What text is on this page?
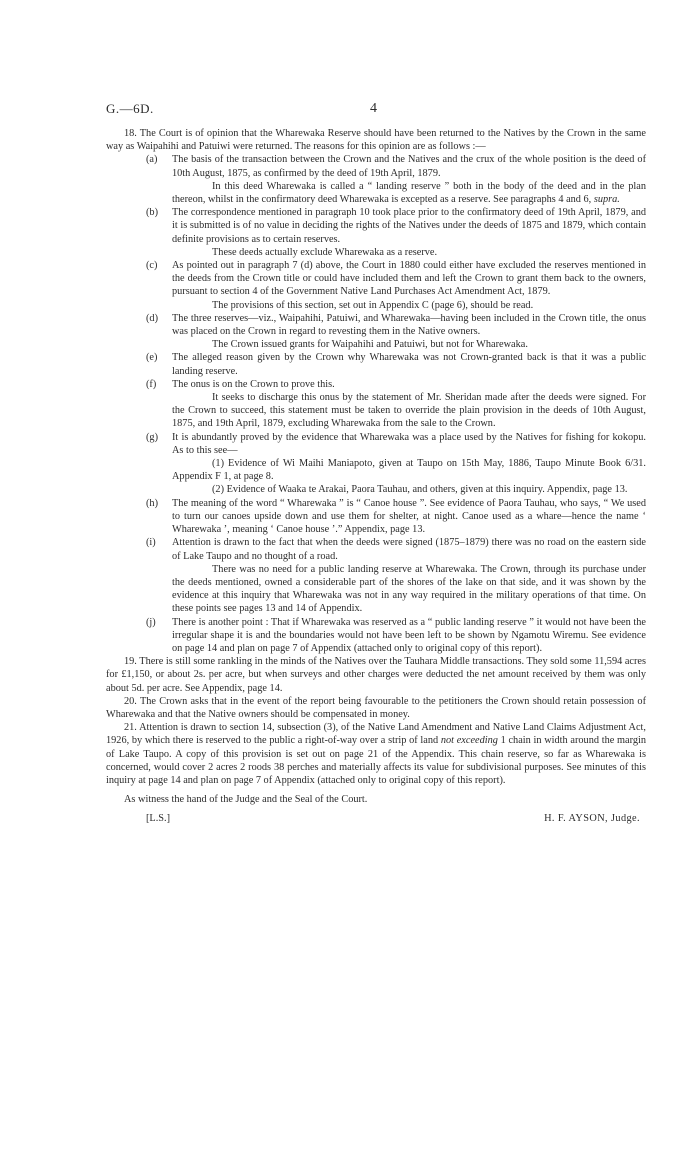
G.—6D.	4

18. The Court is of opinion that the Wharewaka Reserve should have been returned to the Natives by the Crown in the same way as Waipahihi and Patuiwi were returned. The reasons for this opinion are as follows :—

(a) The basis of the transaction between the Crown and the Natives and the crux of the whole position is the deed of 10th August, 1875, as confirmed by the deed of 19th April, 1879.

In this deed Wharewaka is called a “ landing reserve ” both in the body of the deed and in the plan thereon, whilst in the confirmatory deed Wharewaka is excepted as a reserve. See paragraphs 4 and 6, supra.

(b) The correspondence mentioned in paragraph 10 took place prior to the confirmatory deed of 19th April, 1879, and it is submitted is of no value in deciding the rights of the Natives under the deeds of 1875 and 1879, which contain definite provisions as to certain reserves.

These deeds actually exclude Wharewaka as a reserve.

(c) As pointed out in paragraph 7 (d) above, the Court in 1880 could either have excluded the reserves mentioned in the deeds from the Crown title or could have included them and left the Crown to grant them back to the owners, pursuant to section 4 of the Government Native Land Purchases Act Amendment Act, 1879.

The provisions of this section, set out in Appendix C (page 6), should be read.

(d) The three reserves—viz., Waipahihi, Patuiwi, and Wharewaka—having been included in the Crown title, the onus was placed on the Crown in regard to revesting them in the Native owners.

The Crown issued grants for Waipahihi and Patuiwi, but not for Wharewaka.

(e) The alleged reason given by the Crown why Wharewaka was not Crown-granted back is that it was a public landing reserve.

(f) The onus is on the Crown to prove this.

It seeks to discharge this onus by the statement of Mr. Sheridan made after the deeds were signed. For the Crown to succeed, this statement must be taken to override the plain provision in the deeds of 10th August, 1875, and 19th April, 1879, excluding Wharewaka from the sale to the Crown.

(g) It is abundantly proved by the evidence that Wharewaka was a place used by the Natives for fishing for kokopu. As to this see—

(1) Evidence of Wi Maihi Maniapoto, given at Taupo on 15th May, 1886, Taupo Minute Book 6/31. Appendix F 1, at page 8.

(2) Evidence of Waaka te Arakai, Paora Tauhau, and others, given at this inquiry. Appendix, page 13.

(h) The meaning of the word “ Wharewaka ” is “ Canoe house ”. See evidence of Paora Tauhau, who says, “ We used to turn our canoes upside down and use them for shelter, at night. Canoe used as a whare—hence the name ‘ Wharewaka ’, meaning ‘ Canoe house ’.” Appendix, page 13.

(i) Attention is drawn to the fact that when the deeds were signed (1875–1879) there was no road on the eastern side of Lake Taupo and no thought of a road.

There was no need for a public landing reserve at Wharewaka. The Crown, through its purchase under the deeds mentioned, owned a considerable part of the shores of the lake on that side, and it was shown by the evidence at this inquiry that Wharewaka was not in any way required in the military operations of that time. On these points see pages 13 and 14 of Appendix.

(j) There is another point : That if Wharewaka was reserved as a “ public landing reserve ” it would not have been the irregular shape it is and the boundaries would not have been left to be shown by Ngamotu Wiremu. See evidence on page 14 and plan on page 7 of Appendix (attached only to original copy of this report).

19. There is still some rankling in the minds of the Natives over the Tauhara Middle transactions. They sold some 11,594 acres for £1,150, or about 2s. per acre, but when surveys and other charges were deducted the net amount received by them was only about 5d. per acre. See Appendix, page 14.

20. The Crown asks that in the event of the report being favourable to the petitioners the Crown should retain possession of Wharewaka and that the Native owners should be compensated in money.

21. Attention is drawn to section 14, subsection (3), of the Native Land Amendment and Native Land Claims Adjustment Act, 1926, by which there is reserved to the public a right-of-way over a strip of land not exceeding 1 chain in width around the margin of Lake Taupo. A copy of this provision is set out on page 21 of the Appendix. This chain reserve, so far as Wharewaka is concerned, would cover 2 acres 2 roods 38 perches and materially affects its value for subdivisional purposes. See minutes of this inquiry at page 14 and plan on page 7 of Appendix (attached only to original copy of this report).

As witness the hand of the Judge and the Seal of the Court.

[L.S.]	H. F. AYSON, Judge.
